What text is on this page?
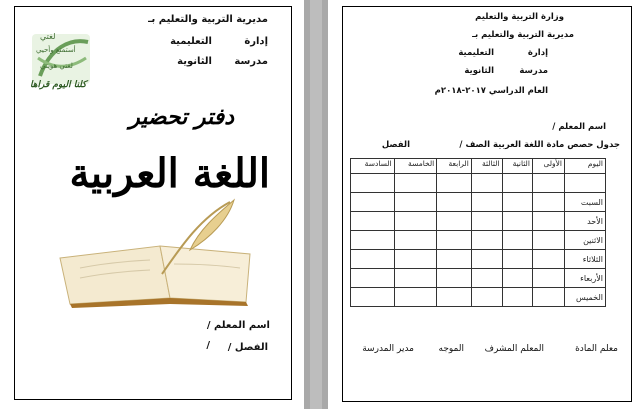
مديرية التربية والتعليم بـ
إدارة
التعليمية
مدرسة
الثانوية
لغتي
أستمتع وأحيي
لغتي هويتي
كلنا اليوم قراها
دفتر تحضير
اللغة العربية
اسم المعلم /
الفصل /
/
وزارة التربية والتعليم
مديرية التربية والتعليم بـ
إدارة
التعليمية
مدرسة
الثانوية
العام الدراسي ٢٠١٧-٢٠١٨م
اسم المعلم /
جدول حصص مادة اللغة العربية الصف /
الفصل
اليوم	الأولى	الثانية	الثالثة	الرابعة	الخامسة	السادسة

السبت						
الأحد						
الاثنين						
الثلاثاء						
الأربعاء						
الخميس						
معلم المادة
المعلم المشرف
الموجه
مدير المدرسة
